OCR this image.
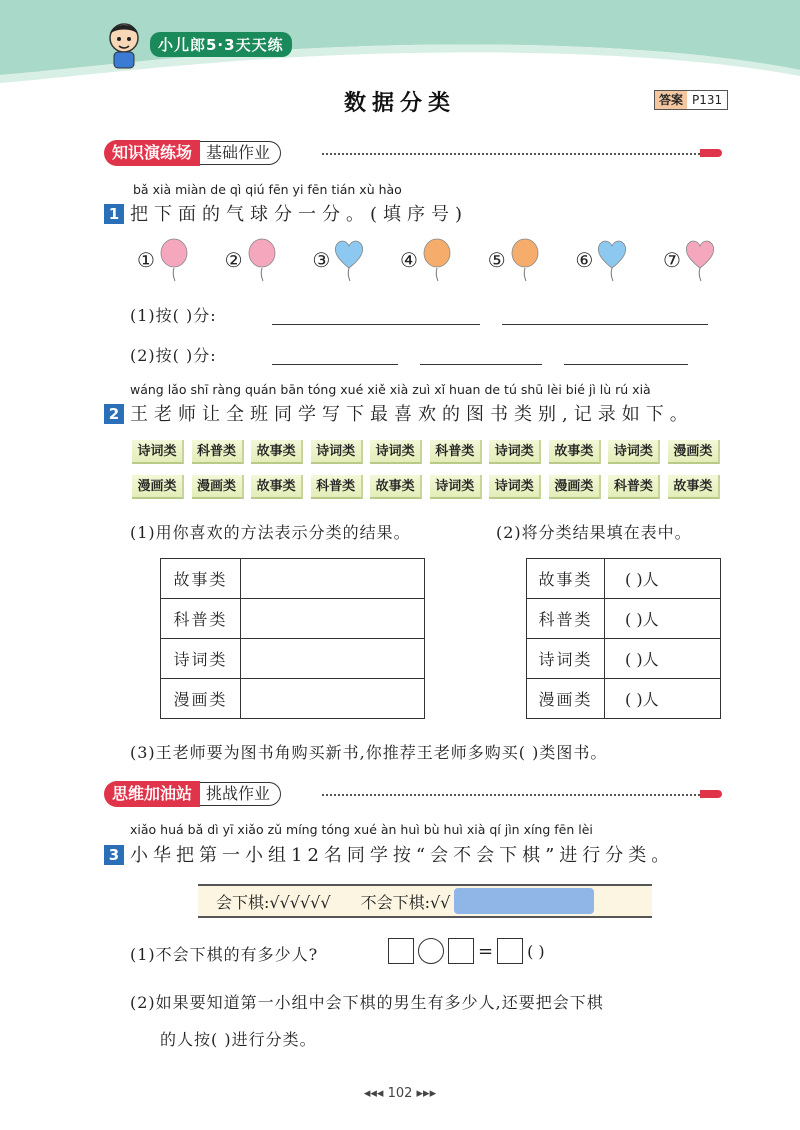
小儿郎5·3天天练
数据分类	答案 P131
知识演练场 基础作业
bǎ xià miàn de qì qiú fēn yi fēn tián xù hào
1 把下面的气球分一分。(填序号)
①	②	③	④	⑤	⑥	⑦
(1)按( )分:
(2)按( )分:
wáng lǎo shī ràng quán bān tóng xué xiě xià zuì xǐ huan de tú shū lèi bié jì lù rú xià
2 王老师让全班同学写下最喜欢的图书类别,记录如下。
诗词类	科普类	故事类	诗词类	诗词类	科普类	诗词类	故事类	诗词类	漫画类
漫画类	漫画类	故事类	科普类	故事类	诗词类	诗词类	漫画类	科普类	故事类
(1)用你喜欢的方法表示分类的结果。	(2)将分类结果填在表中。
故事类	
科普类	
诗词类	
漫画类	
故事类	( )人
科普类	( )人
诗词类	( )人
漫画类	( )人
(3)王老师要为图书角购买新书,你推荐王老师多购买( )类图书。
思维加油站 挑战作业
xiǎo huá bǎ dì yī xiǎo zǔ míng tóng xué àn huì bù huì xià qí jìn xíng fēn lèi
3 小华把第一小组12名同学按“会不会下棋”进行分类。
会下棋:√√√√√√ 不会下棋:√√
(1)不会下棋的有多少人?	= ( )
(2)如果要知道第一小组中会下棋的男生有多少人,还要把会下棋
的人按( )进行分类。
◂◂◂ 102 ▸▸▸
